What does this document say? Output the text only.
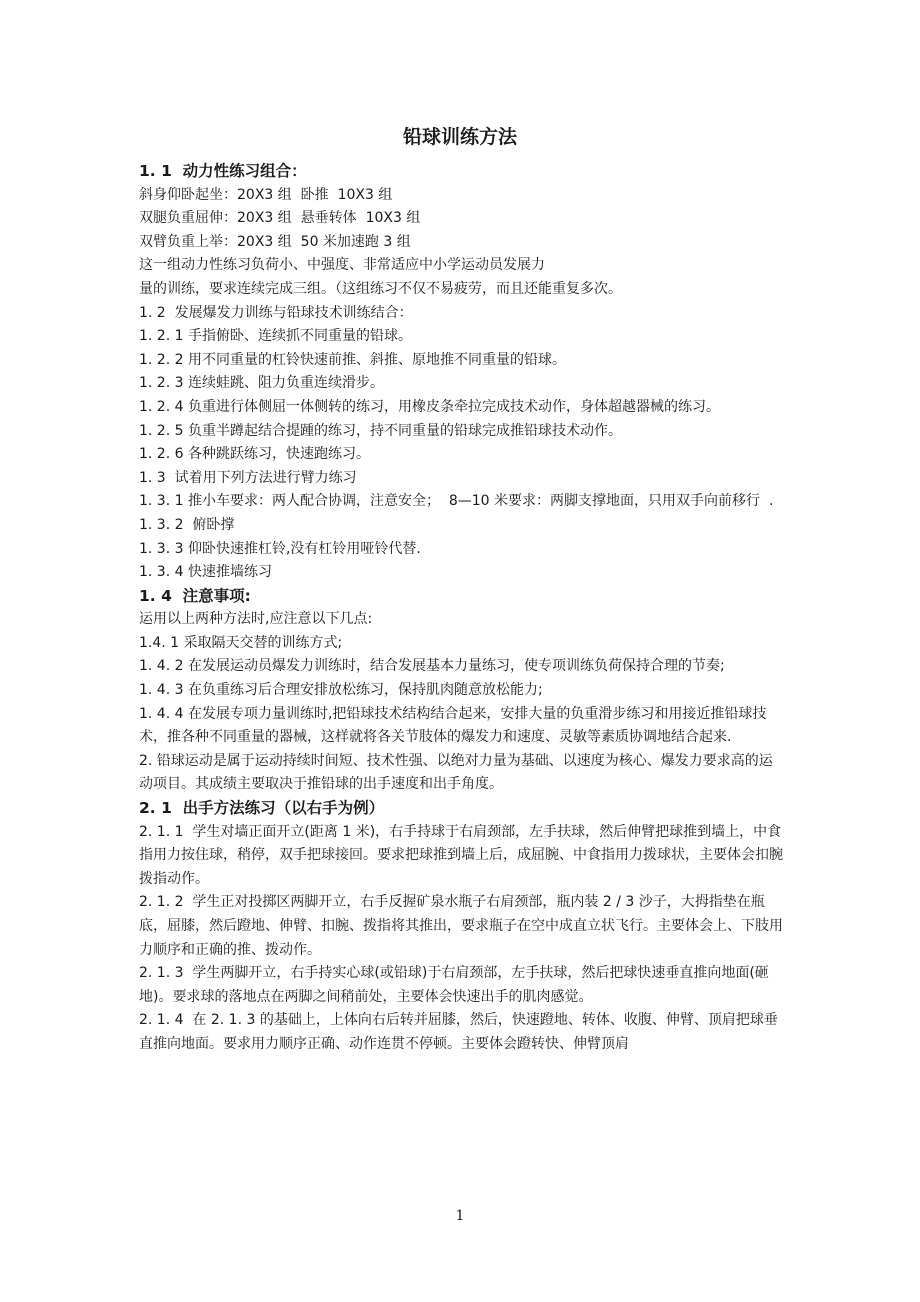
铅球训练方法
1. 1  动力性练习组合：
斜身仰卧起坐：20X3 组  卧推  10X3 组
双腿负重屈伸：20X3 组  悬垂转体  10X3 组
双臂负重上举：20X3 组  50 米加速跑 3 组
这一组动力性练习负荷小、中强度、非常适应中小学运动员发展力
量的训练，要求连续完成三组。（这组练习不仅不易疲劳，而且还能重复多次。
1. 2  发展爆发力训练与铅球技术训练结合：
1. 2. 1 手指俯卧、连续抓不同重量的铅球。
1. 2. 2 用不同重量的杠铃快速前推、斜推、原地推不同重量的铅球。
1. 2. 3 连续蛙跳、阻力负重连续滑步。
1. 2. 4 负重进行体侧屈一体侧转的练习，用橡皮条牵拉完成技术动作，身体超越器械的练习。
1. 2. 5 负重半蹲起结合提踵的练习，持不同重量的铅球完成推铅球技术动作。
1. 2. 6 各种跳跃练习，快速跑练习。
1. 3  试着用下列方法进行臂力练习
1. 3. 1 推小车要求：两人配合协调，注意安全；  8—10 米要求：两脚支撑地面，只用双手向前移行  .
1. 3. 2  俯卧撑
1. 3. 3 仰卧快速推杠铃,没有杠铃用哑铃代替.
1. 3. 4 快速推墙练习
1. 4  注意事项:
运用以上两种方法时,应注意以下几点:
1.4. 1 采取隔天交替的训练方式;
1. 4. 2 在发展运动员爆发力训练时，结合发展基本力量练习，使专项训练负荷保持合理的节奏;
1. 4. 3 在负重练习后合理安排放松练习，保持肌肉随意放松能力;
1. 4. 4 在发展专项力量训练时,把铅球技术结构结合起来，安排大量的负重滑步练习和用接近推铅球技术，推各种不同重量的器械，这样就将各关节肢体的爆发力和速度、灵敏等素质协调地结合起来.
2. 铅球运动是属于运动持续时间短、技术性强、以绝对力量为基础、以速度为核心、爆发力要求高的运动项目。其成绩主要取决于推铅球的出手速度和出手角度。
2. 1  出手方法练习（以右手为例）
2. 1. 1  学生对墙正面开立(距离 1 米)，右手持球于右肩颈部，左手扶球，然后伸臂把球推到墙上，中食指用力按住球，稍停，双手把球接回。要求把球推到墙上后，成屈腕、中食指用力拨球状，主要体会扣腕拨指动作。
2. 1. 2  学生正对投掷区两脚开立，右手反握矿泉水瓶子右肩颈部，瓶内装 2 / 3 沙子，大拇指垫在瓶底，屈膝，然后蹬地、伸臂、扣腕、拨指将其推出，要求瓶子在空中成直立状飞行。主要体会上、下肢用力顺序和正确的推、拨动作。
2. 1. 3  学生两脚开立，右手持实心球(或铅球)于右肩颈部，左手扶球，然后把球快速垂直推向地面(砸地)。要求球的落地点在两脚之间稍前处，主要体会快速出手的肌肉感觉。
2. 1. 4  在 2. 1. 3 的基础上，上体向右后转并屈膝，然后，快速蹬地、转体、收腹、伸臂、顶肩把球垂直推向地面。要求用力顺序正确、动作连贯不停顿。主要体会蹬转快、伸臂顶肩
1
